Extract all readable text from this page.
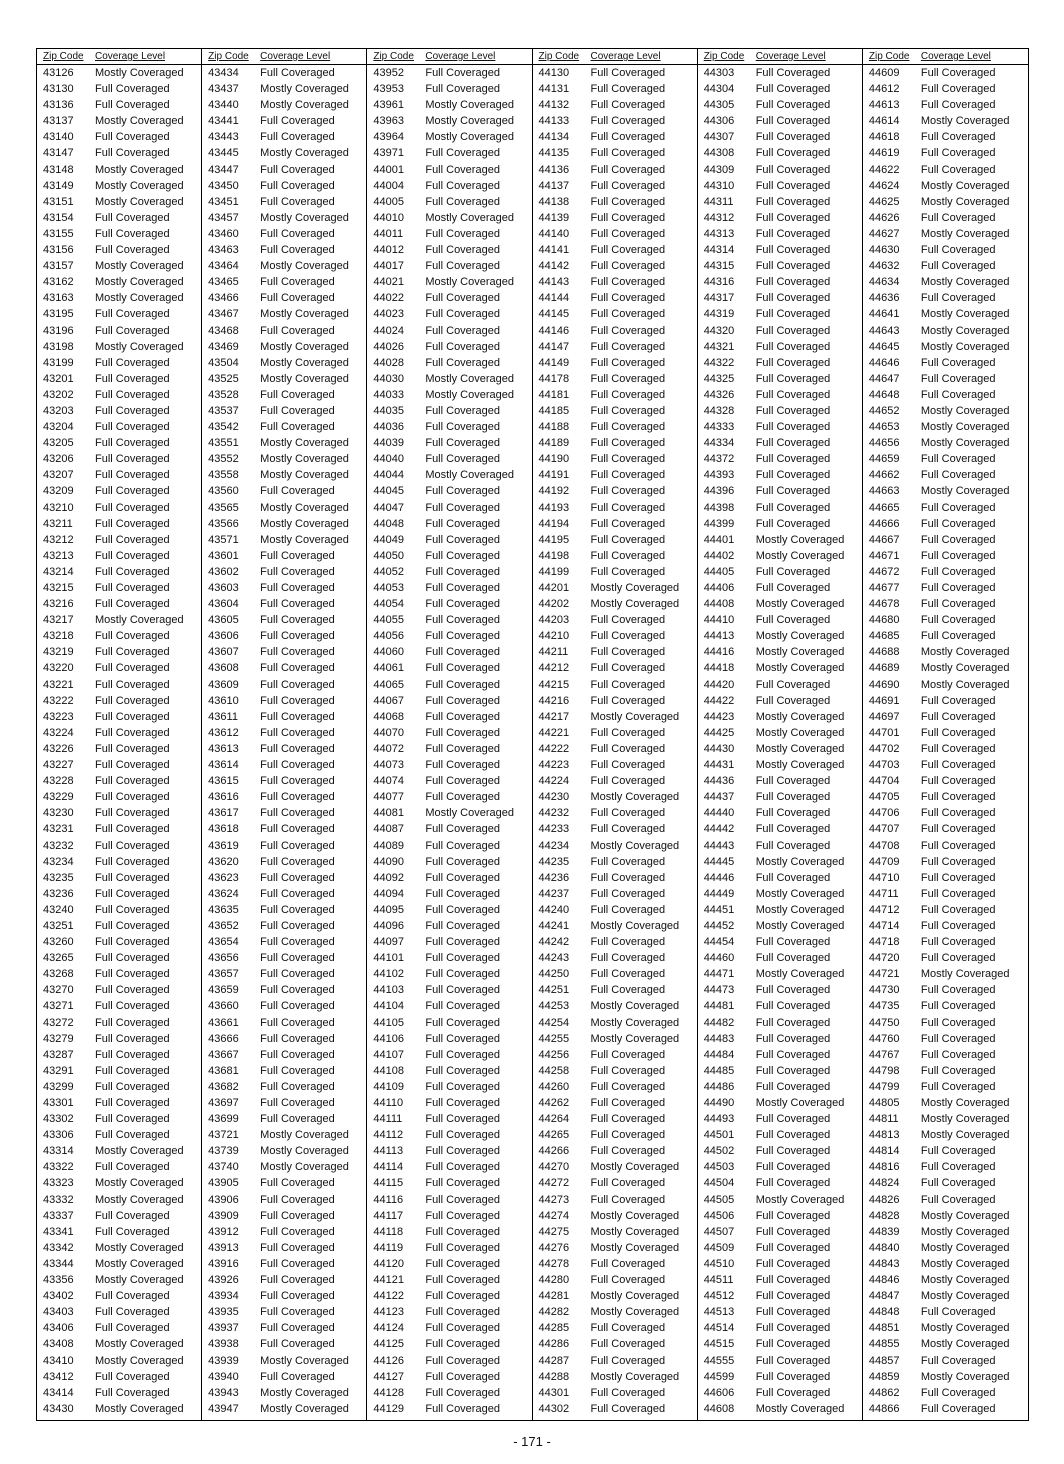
Zip Code	Coverage Level
43126	Mostly Coveraged
43130	Full Coveraged
43136	Full Coveraged
43137	Mostly Coveraged
43140	Full Coveraged
43147	Full Coveraged
43148	Mostly Coveraged
43149	Mostly Coveraged
43151	Mostly Coveraged
43154	Full Coveraged
43155	Full Coveraged
43156	Full Coveraged
43157	Mostly Coveraged
43162	Mostly Coveraged
43163	Mostly Coveraged
43195	Full Coveraged
43196	Full Coveraged
43198	Mostly Coveraged
43199	Full Coveraged
43201	Full Coveraged
43202	Full Coveraged
43203	Full Coveraged
43204	Full Coveraged
43205	Full Coveraged
43206	Full Coveraged
43207	Full Coveraged
43209	Full Coveraged
43210	Full Coveraged
43211	Full Coveraged
43212	Full Coveraged
43213	Full Coveraged
43214	Full Coveraged
43215	Full Coveraged
43216	Full Coveraged
43217	Mostly Coveraged
43218	Full Coveraged
43219	Full Coveraged
43220	Full Coveraged
43221	Full Coveraged
43222	Full Coveraged
43223	Full Coveraged
43224	Full Coveraged
43226	Full Coveraged
43227	Full Coveraged
43228	Full Coveraged
43229	Full Coveraged
43230	Full Coveraged
43231	Full Coveraged
43232	Full Coveraged
43234	Full Coveraged
43235	Full Coveraged
43236	Full Coveraged
43240	Full Coveraged
43251	Full Coveraged
43260	Full Coveraged
43265	Full Coveraged
43268	Full Coveraged
43270	Full Coveraged
43271	Full Coveraged
43272	Full Coveraged
43279	Full Coveraged
43287	Full Coveraged
43291	Full Coveraged
43299	Full Coveraged
43301	Full Coveraged
43302	Full Coveraged
43306	Full Coveraged
43314	Mostly Coveraged
43322	Full Coveraged
43323	Mostly Coveraged
43332	Mostly Coveraged
43337	Full Coveraged
43341	Full Coveraged
43342	Mostly Coveraged
43344	Mostly Coveraged
43356	Mostly Coveraged
43402	Full Coveraged
43403	Full Coveraged
43406	Full Coveraged
43408	Mostly Coveraged
43410	Mostly Coveraged
43412	Full Coveraged
43414	Full Coveraged
43430	Mostly Coveraged
Zip Code	Coverage Level
43434	Full Coveraged
43437	Mostly Coveraged
43440	Mostly Coveraged
43441	Full Coveraged
43443	Full Coveraged
43445	Mostly Coveraged
43447	Full Coveraged
43450	Full Coveraged
43451	Full Coveraged
43457	Mostly Coveraged
43460	Full Coveraged
43463	Full Coveraged
43464	Mostly Coveraged
43465	Full Coveraged
43466	Full Coveraged
43467	Mostly Coveraged
43468	Full Coveraged
43469	Mostly Coveraged
43504	Mostly Coveraged
43525	Mostly Coveraged
43528	Full Coveraged
43537	Full Coveraged
43542	Full Coveraged
43551	Mostly Coveraged
43552	Mostly Coveraged
43558	Mostly Coveraged
43560	Full Coveraged
43565	Mostly Coveraged
43566	Mostly Coveraged
43571	Mostly Coveraged
43601	Full Coveraged
43602	Full Coveraged
43603	Full Coveraged
43604	Full Coveraged
43605	Full Coveraged
43606	Full Coveraged
43607	Full Coveraged
43608	Full Coveraged
43609	Full Coveraged
43610	Full Coveraged
43611	Full Coveraged
43612	Full Coveraged
43613	Full Coveraged
43614	Full Coveraged
43615	Full Coveraged
43616	Full Coveraged
43617	Full Coveraged
43618	Full Coveraged
43619	Full Coveraged
43620	Full Coveraged
43623	Full Coveraged
43624	Full Coveraged
43635	Full Coveraged
43652	Full Coveraged
43654	Full Coveraged
43656	Full Coveraged
43657	Full Coveraged
43659	Full Coveraged
43660	Full Coveraged
43661	Full Coveraged
43666	Full Coveraged
43667	Full Coveraged
43681	Full Coveraged
43682	Full Coveraged
43697	Full Coveraged
43699	Full Coveraged
43721	Mostly Coveraged
43739	Mostly Coveraged
43740	Mostly Coveraged
43905	Full Coveraged
43906	Full Coveraged
43909	Full Coveraged
43912	Full Coveraged
43913	Full Coveraged
43916	Full Coveraged
43926	Full Coveraged
43934	Full Coveraged
43935	Full Coveraged
43937	Full Coveraged
43938	Full Coveraged
43939	Mostly Coveraged
43940	Full Coveraged
43943	Mostly Coveraged
43947	Mostly Coveraged
Zip Code	Coverage Level
43952	Full Coveraged
43953	Full Coveraged
43961	Mostly Coveraged
43963	Mostly Coveraged
43964	Mostly Coveraged
43971	Full Coveraged
44001	Full Coveraged
44004	Full Coveraged
44005	Full Coveraged
44010	Mostly Coveraged
44011	Full Coveraged
44012	Full Coveraged
44017	Full Coveraged
44021	Mostly Coveraged
44022	Full Coveraged
44023	Full Coveraged
44024	Full Coveraged
44026	Full Coveraged
44028	Full Coveraged
44030	Mostly Coveraged
44033	Mostly Coveraged
44035	Full Coveraged
44036	Full Coveraged
44039	Full Coveraged
44040	Full Coveraged
44044	Mostly Coveraged
44045	Full Coveraged
44047	Full Coveraged
44048	Full Coveraged
44049	Full Coveraged
44050	Full Coveraged
44052	Full Coveraged
44053	Full Coveraged
44054	Full Coveraged
44055	Full Coveraged
44056	Full Coveraged
44060	Full Coveraged
44061	Full Coveraged
44065	Full Coveraged
44067	Full Coveraged
44068	Full Coveraged
44070	Full Coveraged
44072	Full Coveraged
44073	Full Coveraged
44074	Full Coveraged
44077	Full Coveraged
44081	Mostly Coveraged
44087	Full Coveraged
44089	Full Coveraged
44090	Full Coveraged
44092	Full Coveraged
44094	Full Coveraged
44095	Full Coveraged
44096	Full Coveraged
44097	Full Coveraged
44101	Full Coveraged
44102	Full Coveraged
44103	Full Coveraged
44104	Full Coveraged
44105	Full Coveraged
44106	Full Coveraged
44107	Full Coveraged
44108	Full Coveraged
44109	Full Coveraged
44110	Full Coveraged
44111	Full Coveraged
44112	Full Coveraged
44113	Full Coveraged
44114	Full Coveraged
44115	Full Coveraged
44116	Full Coveraged
44117	Full Coveraged
44118	Full Coveraged
44119	Full Coveraged
44120	Full Coveraged
44121	Full Coveraged
44122	Full Coveraged
44123	Full Coveraged
44124	Full Coveraged
44125	Full Coveraged
44126	Full Coveraged
44127	Full Coveraged
44128	Full Coveraged
44129	Full Coveraged
Zip Code	Coverage Level
44130	Full Coveraged
44131	Full Coveraged
44132	Full Coveraged
44133	Full Coveraged
44134	Full Coveraged
44135	Full Coveraged
44136	Full Coveraged
44137	Full Coveraged
44138	Full Coveraged
44139	Full Coveraged
44140	Full Coveraged
44141	Full Coveraged
44142	Full Coveraged
44143	Full Coveraged
44144	Full Coveraged
44145	Full Coveraged
44146	Full Coveraged
44147	Full Coveraged
44149	Full Coveraged
44178	Full Coveraged
44181	Full Coveraged
44185	Full Coveraged
44188	Full Coveraged
44189	Full Coveraged
44190	Full Coveraged
44191	Full Coveraged
44192	Full Coveraged
44193	Full Coveraged
44194	Full Coveraged
44195	Full Coveraged
44198	Full Coveraged
44199	Full Coveraged
44201	Mostly Coveraged
44202	Mostly Coveraged
44203	Full Coveraged
44210	Full Coveraged
44211	Full Coveraged
44212	Full Coveraged
44215	Full Coveraged
44216	Full Coveraged
44217	Mostly Coveraged
44221	Full Coveraged
44222	Full Coveraged
44223	Full Coveraged
44224	Full Coveraged
44230	Mostly Coveraged
44232	Full Coveraged
44233	Full Coveraged
44234	Mostly Coveraged
44235	Full Coveraged
44236	Full Coveraged
44237	Full Coveraged
44240	Full Coveraged
44241	Mostly Coveraged
44242	Full Coveraged
44243	Full Coveraged
44250	Full Coveraged
44251	Full Coveraged
44253	Mostly Coveraged
44254	Mostly Coveraged
44255	Mostly Coveraged
44256	Full Coveraged
44258	Full Coveraged
44260	Full Coveraged
44262	Full Coveraged
44264	Full Coveraged
44265	Full Coveraged
44266	Full Coveraged
44270	Mostly Coveraged
44272	Full Coveraged
44273	Full Coveraged
44274	Mostly Coveraged
44275	Mostly Coveraged
44276	Mostly Coveraged
44278	Full Coveraged
44280	Full Coveraged
44281	Mostly Coveraged
44282	Mostly Coveraged
44285	Full Coveraged
44286	Full Coveraged
44287	Full Coveraged
44288	Mostly Coveraged
44301	Full Coveraged
44302	Full Coveraged
Zip Code	Coverage Level
44303	Full Coveraged
44304	Full Coveraged
44305	Full Coveraged
44306	Full Coveraged
44307	Full Coveraged
44308	Full Coveraged
44309	Full Coveraged
44310	Full Coveraged
44311	Full Coveraged
44312	Full Coveraged
44313	Full Coveraged
44314	Full Coveraged
44315	Full Coveraged
44316	Full Coveraged
44317	Full Coveraged
44319	Full Coveraged
44320	Full Coveraged
44321	Full Coveraged
44322	Full Coveraged
44325	Full Coveraged
44326	Full Coveraged
44328	Full Coveraged
44333	Full Coveraged
44334	Full Coveraged
44372	Full Coveraged
44393	Full Coveraged
44396	Full Coveraged
44398	Full Coveraged
44399	Full Coveraged
44401	Mostly Coveraged
44402	Mostly Coveraged
44405	Full Coveraged
44406	Full Coveraged
44408	Mostly Coveraged
44410	Full Coveraged
44413	Mostly Coveraged
44416	Mostly Coveraged
44418	Mostly Coveraged
44420	Full Coveraged
44422	Full Coveraged
44423	Mostly Coveraged
44425	Mostly Coveraged
44430	Mostly Coveraged
44431	Mostly Coveraged
44436	Full Coveraged
44437	Full Coveraged
44440	Full Coveraged
44442	Full Coveraged
44443	Full Coveraged
44445	Mostly Coveraged
44446	Full Coveraged
44449	Mostly Coveraged
44451	Mostly Coveraged
44452	Mostly Coveraged
44454	Full Coveraged
44460	Full Coveraged
44471	Mostly Coveraged
44473	Full Coveraged
44481	Full Coveraged
44482	Full Coveraged
44483	Full Coveraged
44484	Full Coveraged
44485	Full Coveraged
44486	Full Coveraged
44490	Mostly Coveraged
44493	Full Coveraged
44501	Full Coveraged
44502	Full Coveraged
44503	Full Coveraged
44504	Full Coveraged
44505	Mostly Coveraged
44506	Full Coveraged
44507	Full Coveraged
44509	Full Coveraged
44510	Full Coveraged
44511	Full Coveraged
44512	Full Coveraged
44513	Full Coveraged
44514	Full Coveraged
44515	Full Coveraged
44555	Full Coveraged
44599	Full Coveraged
44606	Full Coveraged
44608	Mostly Coveraged
Zip Code	Coverage Level
44609	Full Coveraged
44612	Full Coveraged
44613	Full Coveraged
44614	Mostly Coveraged
44618	Full Coveraged
44619	Full Coveraged
44622	Full Coveraged
44624	Mostly Coveraged
44625	Mostly Coveraged
44626	Full Coveraged
44627	Mostly Coveraged
44630	Full Coveraged
44632	Full Coveraged
44634	Mostly Coveraged
44636	Full Coveraged
44641	Mostly Coveraged
44643	Mostly Coveraged
44645	Mostly Coveraged
44646	Full Coveraged
44647	Full Coveraged
44648	Full Coveraged
44652	Mostly Coveraged
44653	Mostly Coveraged
44656	Mostly Coveraged
44659	Full Coveraged
44662	Full Coveraged
44663	Mostly Coveraged
44665	Full Coveraged
44666	Full Coveraged
44667	Full Coveraged
44671	Full Coveraged
44672	Full Coveraged
44677	Full Coveraged
44678	Full Coveraged
44680	Full Coveraged
44685	Full Coveraged
44688	Mostly Coveraged
44689	Mostly Coveraged
44690	Mostly Coveraged
44691	Full Coveraged
44697	Full Coveraged
44701	Full Coveraged
44702	Full Coveraged
44703	Full Coveraged
44704	Full Coveraged
44705	Full Coveraged
44706	Full Coveraged
44707	Full Coveraged
44708	Full Coveraged
44709	Full Coveraged
44710	Full Coveraged
44711	Full Coveraged
44712	Full Coveraged
44714	Full Coveraged
44718	Full Coveraged
44720	Full Coveraged
44721	Mostly Coveraged
44730	Full Coveraged
44735	Full Coveraged
44750	Full Coveraged
44760	Full Coveraged
44767	Full Coveraged
44798	Full Coveraged
44799	Full Coveraged
44805	Mostly Coveraged
44811	Mostly Coveraged
44813	Mostly Coveraged
44814	Full Coveraged
44816	Full Coveraged
44824	Full Coveraged
44826	Full Coveraged
44828	Mostly Coveraged
44839	Mostly Coveraged
44840	Mostly Coveraged
44843	Mostly Coveraged
44846	Mostly Coveraged
44847	Mostly Coveraged
44848	Full Coveraged
44851	Mostly Coveraged
44855	Mostly Coveraged
44857	Full Coveraged
44859	Mostly Coveraged
44862	Full Coveraged
44866	Full Coveraged
- 171 -
